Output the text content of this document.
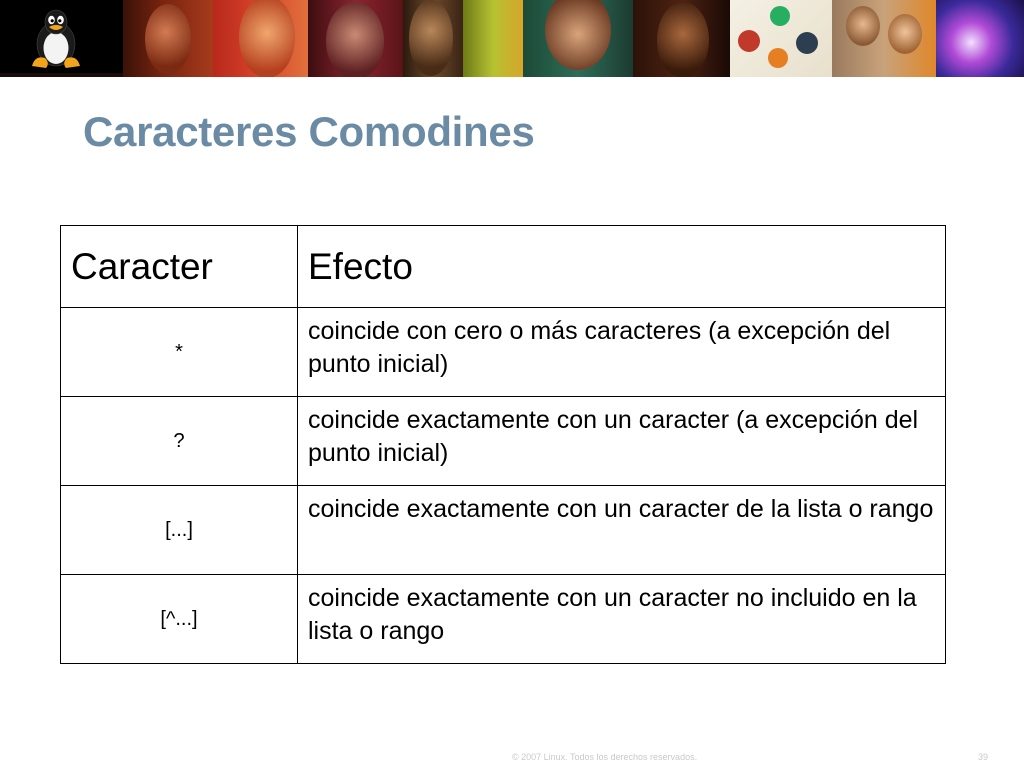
Caracteres Comodines
Caracter	Efecto
*	coincide con cero o más caracteres (a excepción del punto inicial)
?	coincide exactamente con un caracter (a excepción del punto inicial)
[...]	coincide exactamente con un caracter de la lista o rango
[^...]	coincide exactamente con un caracter no incluido en la lista o rango
© 2007 Linux. Todos los derechos reservados.	39
